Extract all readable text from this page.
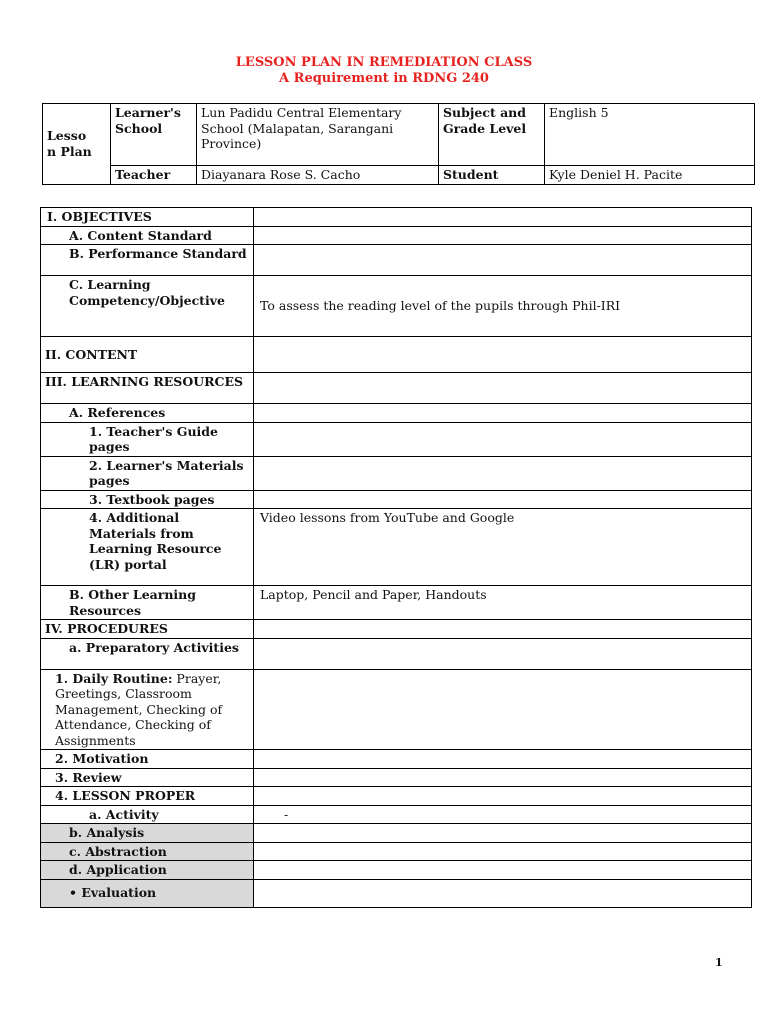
LESSON PLAN IN REMEDIATION CLASS
A Requirement in RDNG 240
Lesso
n Plan	Learner's School	Lun Padidu Central Elementary School (Malapatan, Sarangani Province)	Subject and Grade Level	English 5
	Teacher	Diayanara Rose S. Cacho	Student	Kyle Deniel H. Pacite
I. OBJECTIVES	
A. Content Standard	
B. Performance Standard	
C. Learning Competency/Objective	To assess the reading level of the pupils through Phil-IRI
II. CONTENT	
III. LEARNING RESOURCES	
A. References	
1. Teacher's Guide pages	
2. Learner's Materials pages	
3. Textbook pages	
4. Additional Materials from Learning Resource (LR) portal	Video lessons from YouTube and Google
B. Other Learning Resources	Laptop, Pencil and Paper, Handouts
IV. PROCEDURES	
a. Preparatory Activities	
1. Daily Routine: Prayer, Greetings, Classroom Management, Checking of Attendance, Checking of Assignments	
2. Motivation	
3. Review	
4. LESSON PROPER	
a. Activity	-
b. Analysis	
c. Abstraction	
d. Application	
• Evaluation	
1
